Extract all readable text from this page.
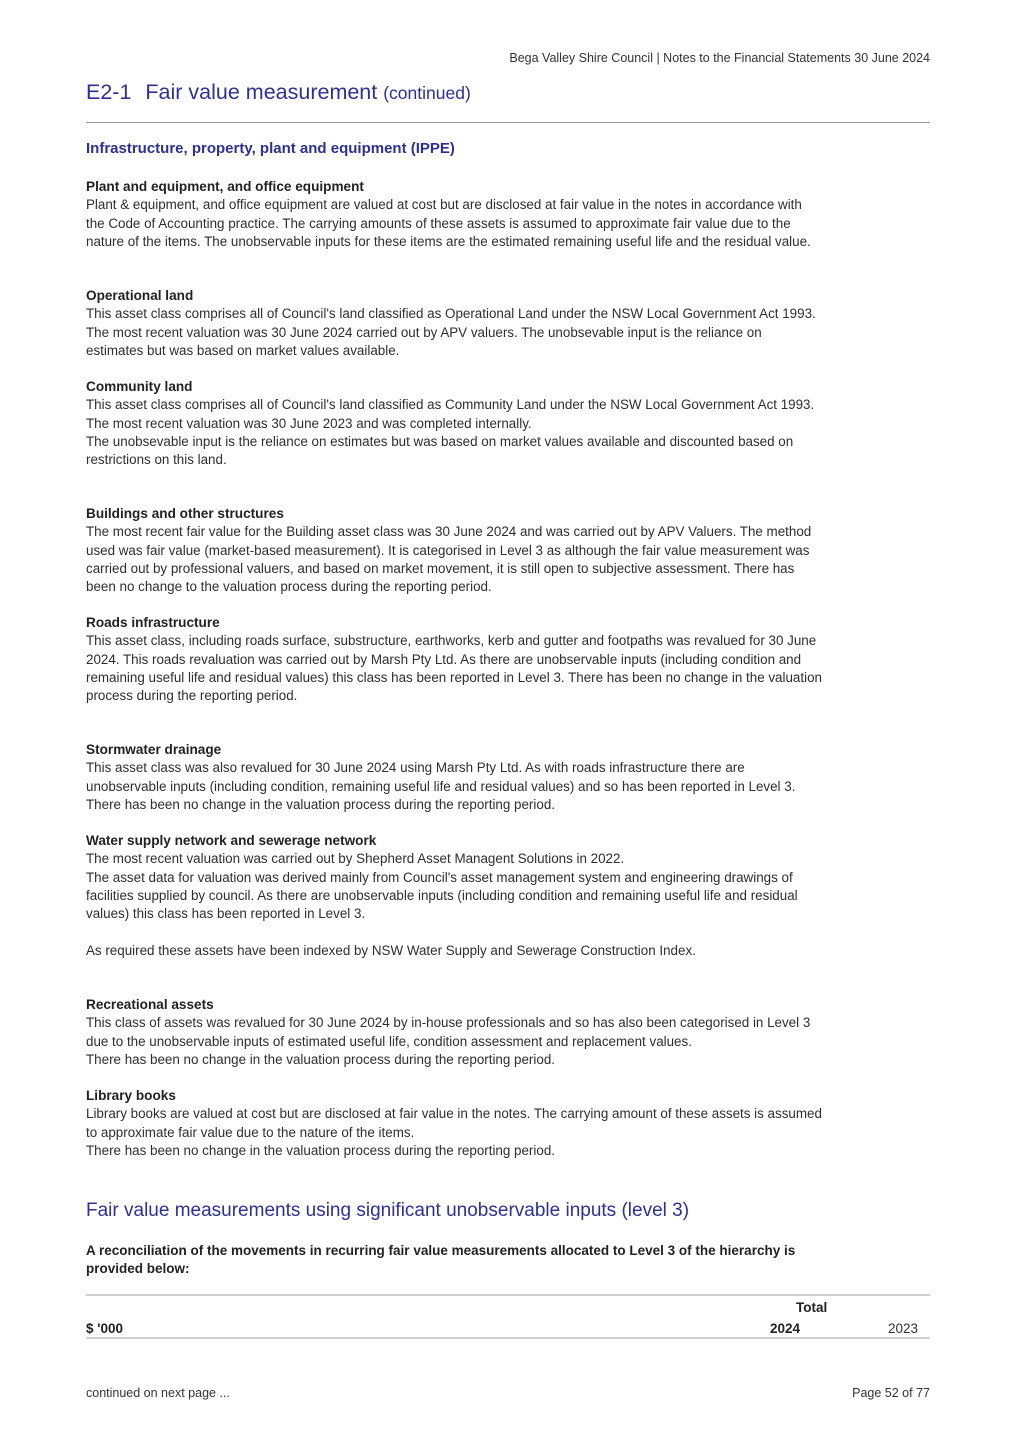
Bega Valley Shire Council | Notes to the Financial Statements 30 June 2024
E2-1 Fair value measurement (continued)
Infrastructure, property, plant and equipment (IPPE)
Plant and equipment, and office equipment

Plant & equipment, and office equipment are valued at cost but are disclosed at fair value in the notes in accordance with
the Code of Accounting practice. The carrying amounts of these assets is assumed to approximate fair value due to the
nature of the items. The unobservable inputs for these items are the estimated remaining useful life and the residual value.

Operational land

This asset class comprises all of Council's land classified as Operational Land under the NSW Local Government Act 1993.
The most recent valuation was 30 June 2024 carried out by APV valuers. The unobsevable input is the reliance on
estimates but was based on market values available.

Community land

This asset class comprises all of Council's land classified as Community Land under the NSW Local Government Act 1993.
The most recent valuation was 30 June 2023 and was completed internally.
The unobsevable input is the reliance on estimates but was based on market values available and discounted based on
restrictions on this land.

Buildings and other structures

The most recent fair value for the Building asset class was 30 June 2024 and was carried out by APV Valuers. The method
used was fair value (market-based measurement). It is categorised in Level 3 as although the fair value measurement was
carried out by professional valuers, and based on market movement, it is still open to subjective assessment. There has
been no change to the valuation process during the reporting period.

Roads infrastructure

This asset class, including roads surface, substructure, earthworks, kerb and gutter and footpaths was revalued for 30 June
2024. This roads revaluation was carried out by Marsh Pty Ltd. As there are unobservable inputs (including condition and
remaining useful life and residual values) this class has been reported in Level 3. There has been no change in the valuation
process during the reporting period.

Stormwater drainage

This asset class was also revalued for 30 June 2024 using Marsh Pty Ltd. As with roads infrastructure there are
unobservable inputs (including condition, remaining useful life and residual values) and so has been reported in Level 3.
There has been no change in the valuation process during the reporting period.

Water supply network and sewerage network

The most recent valuation was carried out by Shepherd Asset Managent Solutions in 2022.
The asset data for valuation was derived mainly from Council's asset management system and engineering drawings of
facilities supplied by council. As there are unobservable inputs (including condition and remaining useful life and residual
values) this class has been reported in Level 3.
As required these assets have been indexed by NSW Water Supply and Sewerage Construction Index.

Recreational assets

This class of assets was revalued for 30 June 2024 by in-house professionals and so has also been categorised in Level 3
due to the unobservable inputs of estimated useful life, condition assessment and replacement values.
There has been no change in the valuation process during the reporting period.

Library books

Library books are valued at cost but are disclosed at fair value in the notes. The carrying amount of these assets is assumed
to approximate fair value due to the nature of the items.
There has been no change in the valuation process during the reporting period.

Fair value measurements using significant unobservable inputs (level 3)
A reconciliation of the movements in recurring fair value measurements allocated to Level 3 of the hierarchy is
provided below:
Total
$ '000	2024	2023
continued on next page ...	Page 52 of 77
